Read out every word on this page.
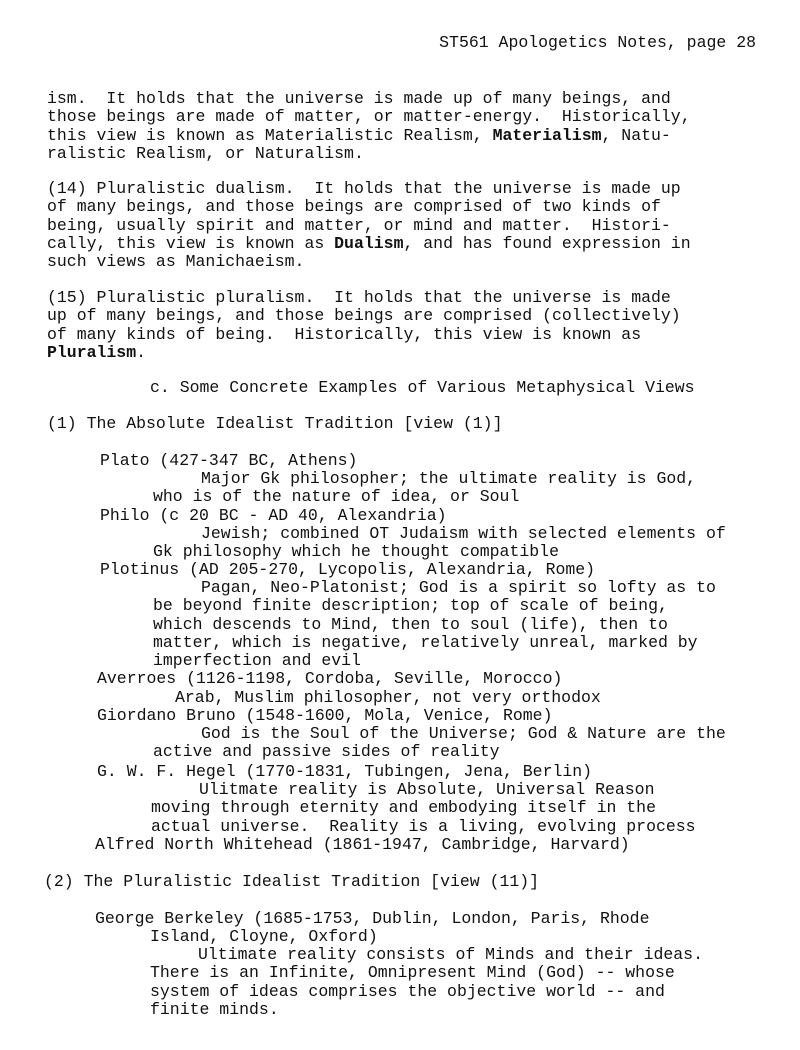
ST561 Apologetics Notes, page 28
ism.  It holds that the universe is made up of many beings, and
those beings are made of matter, or matter-energy.  Historically,
this view is known as Materialistic Realism, Materialism, Natu-
ralistic Realism, or Naturalism.
(14) Pluralistic dualism.  It holds that the universe is made up
of many beings, and those beings are comprised of two kinds of
being, usually spirit and matter, or mind and matter.  Histori-
cally, this view is known as Dualism, and has found expression in
such views as Manichaeism.
(15) Pluralistic pluralism.  It holds that the universe is made
up of many beings, and those beings are comprised (collectively)
of many kinds of being.  Historically, this view is known as
Pluralism.
c. Some Concrete Examples of Various Metaphysical Views
(1) The Absolute Idealist Tradition [view (1)]
Plato (427-347 BC, Athens)
Major Gk philosopher; the ultimate reality is God,
who is of the nature of idea, or Soul
Philo (c 20 BC - AD 40, Alexandria)
Jewish; combined OT Judaism with selected elements of
Gk philosophy which he thought compatible
Plotinus (AD 205-270, Lycopolis, Alexandria, Rome)
Pagan, Neo-Platonist; God is a spirit so lofty as to
be beyond finite description; top of scale of being,
which descends to Mind, then to soul (life), then to
matter, which is negative, relatively unreal, marked by
imperfection and evil
Averroes (1126-1198, Cordoba, Seville, Morocco)
Arab, Muslim philosopher, not very orthodox
Giordano Bruno (1548-1600, Mola, Venice, Rome)
God is the Soul of the Universe; God & Nature are the
active and passive sides of reality
G. W. F. Hegel (1770-1831, Tubingen, Jena, Berlin)
Ulitmate reality is Absolute, Universal Reason
moving through eternity and embodying itself in the
actual universe.  Reality is a living, evolving process
Alfred North Whitehead (1861-1947, Cambridge, Harvard)
(2) The Pluralistic Idealist Tradition [view (11)]
George Berkeley (1685-1753, Dublin, London, Paris, Rhode
Island, Cloyne, Oxford)
Ultimate reality consists of Minds and their ideas.
There is an Infinite, Omnipresent Mind (God) -- whose
system of ideas comprises the objective world -- and
finite minds.
